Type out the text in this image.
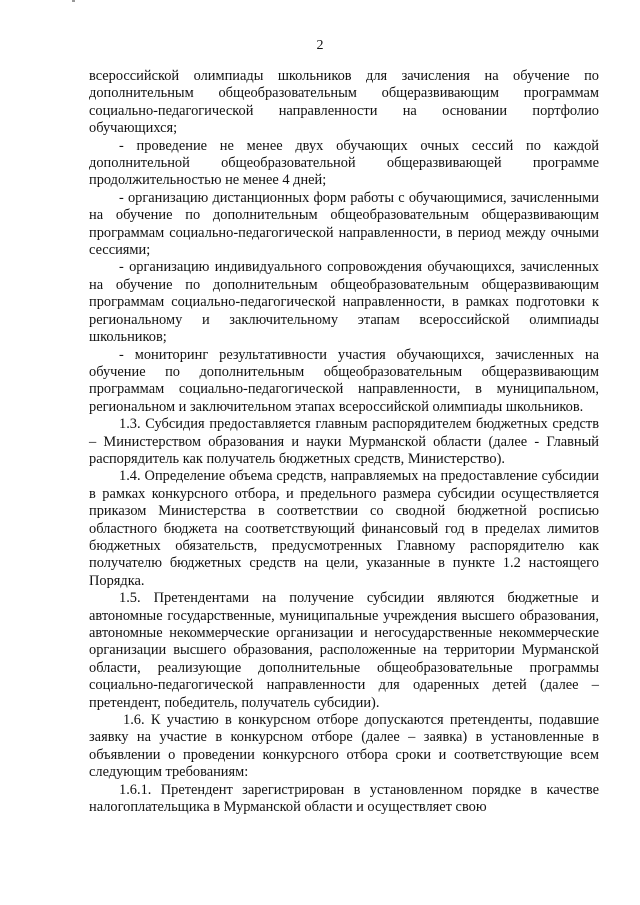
2

всероссийской олимпиады школьников для зачисления на обучение по дополнительным общеобразовательным общеразвивающим программам социально-педагогической направленности на основании портфолио обучающихся;

- проведение не менее двух обучающих очных сессий по каждой дополнительной общеобразовательной общеразвивающей программе продолжительностью не менее 4 дней;

- организацию дистанционных форм работы с обучающимися, зачисленными на обучение по дополнительным общеобразовательным общеразвивающим программам социально-педагогической направленности, в период между очными сессиями;

- организацию индивидуального сопровождения обучающихся, зачисленных на обучение по дополнительным общеобразовательным общеразвивающим программам социально-педагогической направленности, в рамках подготовки к региональному и заключительному этапам всероссийской олимпиады школьников;

- мониторинг результативности участия обучающихся, зачисленных на обучение по дополнительным общеобразовательным общеразвивающим программам социально-педагогической направленности, в муниципальном, региональном и заключительном этапах всероссийской олимпиады школьников.

1.3. Субсидия предоставляется главным распорядителем бюджетных средств – Министерством образования и науки Мурманской области (далее - Главный распорядитель как получатель бюджетных средств, Министерство).

1.4. Определение объема средств, направляемых на предоставление субсидии в рамках конкурсного отбора, и предельного размера субсидии осуществляется приказом Министерства в соответствии со сводной бюджетной росписью областного бюджета на соответствующий финансовый год в пределах лимитов бюджетных обязательств, предусмотренных Главному распорядителю как получателю бюджетных средств на цели, указанные в пункте 1.2 настоящего Порядка.

1.5. Претендентами на получение субсидии являются бюджетные и автономные государственные, муниципальные учреждения высшего образования, автономные некоммерческие организации и негосударственные некоммерческие организации высшего образования, расположенные на территории Мурманской области, реализующие дополнительные общеобразовательные программы социально-педагогической направленности для одаренных детей (далее – претендент, победитель, получатель субсидии).

1.6. К участию в конкурсном отборе допускаются претенденты, подавшие заявку на участие в конкурсном отборе (далее – заявка) в установленные в объявлении о проведении конкурсного отбора сроки и соответствующие всем следующим требованиям:

1.6.1. Претендент зарегистрирован в установленном порядке в качестве налогоплательщика в Мурманской области и осуществляет свою
